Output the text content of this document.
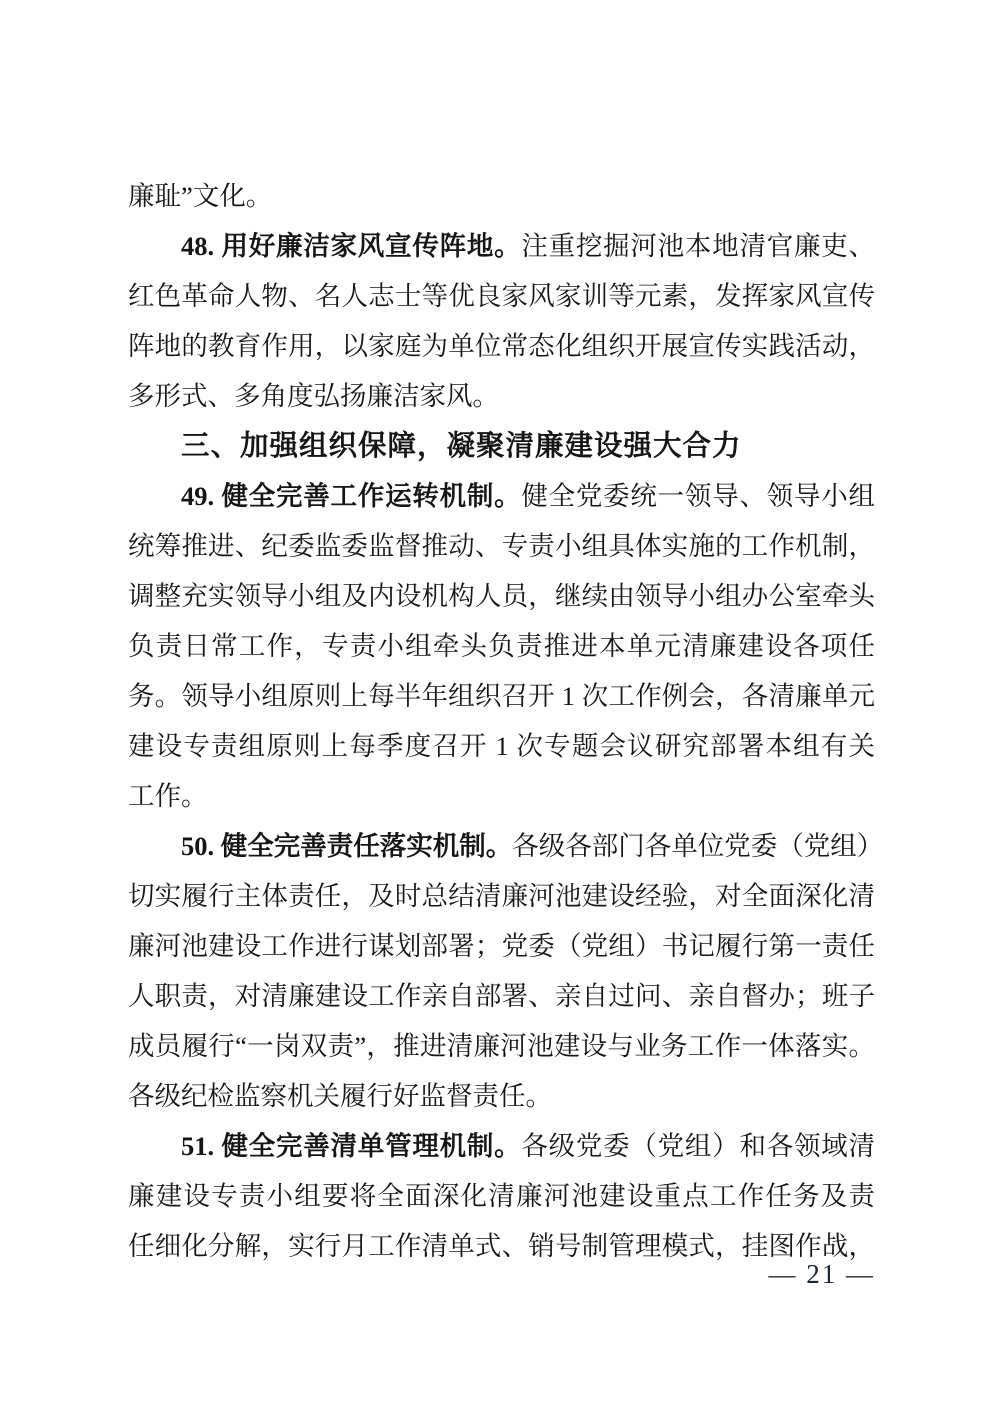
廉耻”文化。
48. 用好廉洁家风宣传阵地。注重挖掘河池本地清官廉吏、
红色革命人物、名人志士等优良家风家训等元素，发挥家风宣传
阵地的教育作用，以家庭为单位常态化组织开展宣传实践活动，
多形式、多角度弘扬廉洁家风。
三、加强组织保障，凝聚清廉建设强大合力
49. 健全完善工作运转机制。健全党委统一领导、领导小组
统筹推进、纪委监委监督推动、专责小组具体实施的工作机制，
调整充实领导小组及内设机构人员，继续由领导小组办公室牵头
负责日常工作，专责小组牵头负责推进本单元清廉建设各项任
务。领导小组原则上每半年组织召开 1 次工作例会，各清廉单元
建设专责组原则上每季度召开 1 次专题会议研究部署本组有关
工作。
50. 健全完善责任落实机制。各级各部门各单位党委（党组）
切实履行主体责任，及时总结清廉河池建设经验，对全面深化清
廉河池建设工作进行谋划部署；党委（党组）书记履行第一责任
人职责，对清廉建设工作亲自部署、亲自过问、亲自督办；班子
成员履行“一岗双责”，推进清廉河池建设与业务工作一体落实。
各级纪检监察机关履行好监督责任。
51. 健全完善清单管理机制。各级党委（党组）和各领域清
廉建设专责小组要将全面深化清廉河池建设重点工作任务及责
任细化分解，实行月工作清单式、销号制管理模式，挂图作战，
— 21 —
